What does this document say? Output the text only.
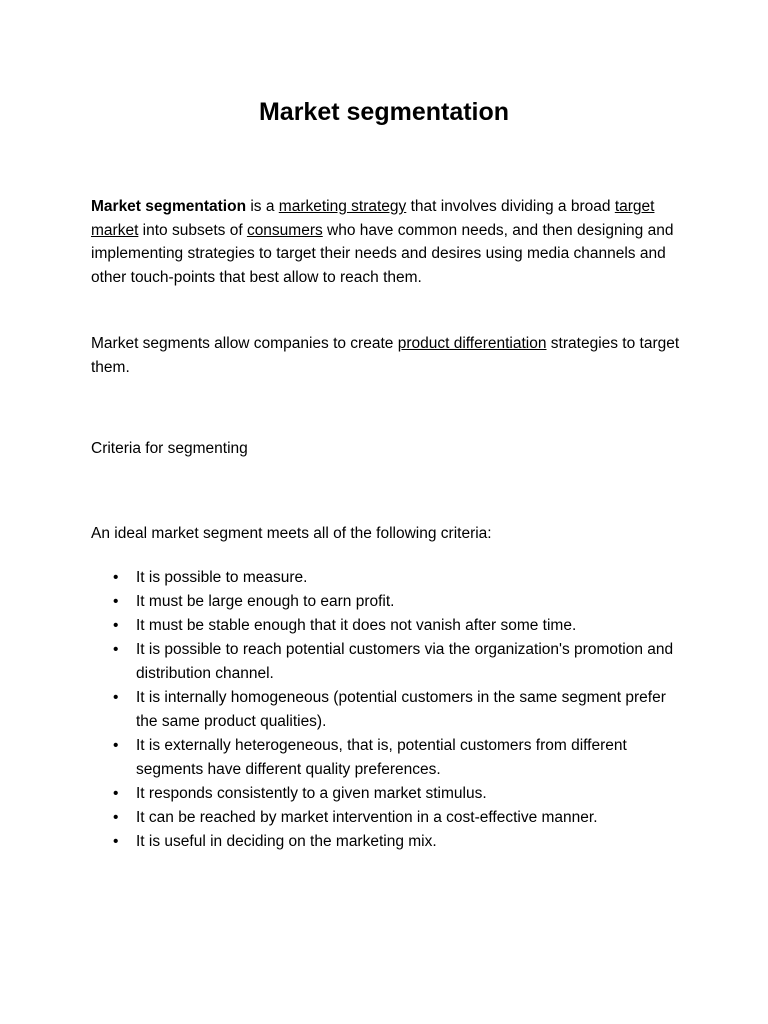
Market segmentation

Market segmentation is a marketing strategy that involves dividing a broad target market into subsets of consumers who have common needs, and then designing and implementing strategies to target their needs and desires using media channels and other touch-points that best allow to reach them.

Market segments allow companies to create product differentiation strategies to target them.

Criteria for segmenting

An ideal market segment meets all of the following criteria:

• It is possible to measure.
• It must be large enough to earn profit.
• It must be stable enough that it does not vanish after some time.
• It is possible to reach potential customers via the organization's promotion and distribution channel.
• It is internally homogeneous (potential customers in the same segment prefer the same product qualities).
• It is externally heterogeneous, that is, potential customers from different segments have different quality preferences.
• It responds consistently to a given market stimulus.
• It can be reached by market intervention in a cost-effective manner.
• It is useful in deciding on the marketing mix.
